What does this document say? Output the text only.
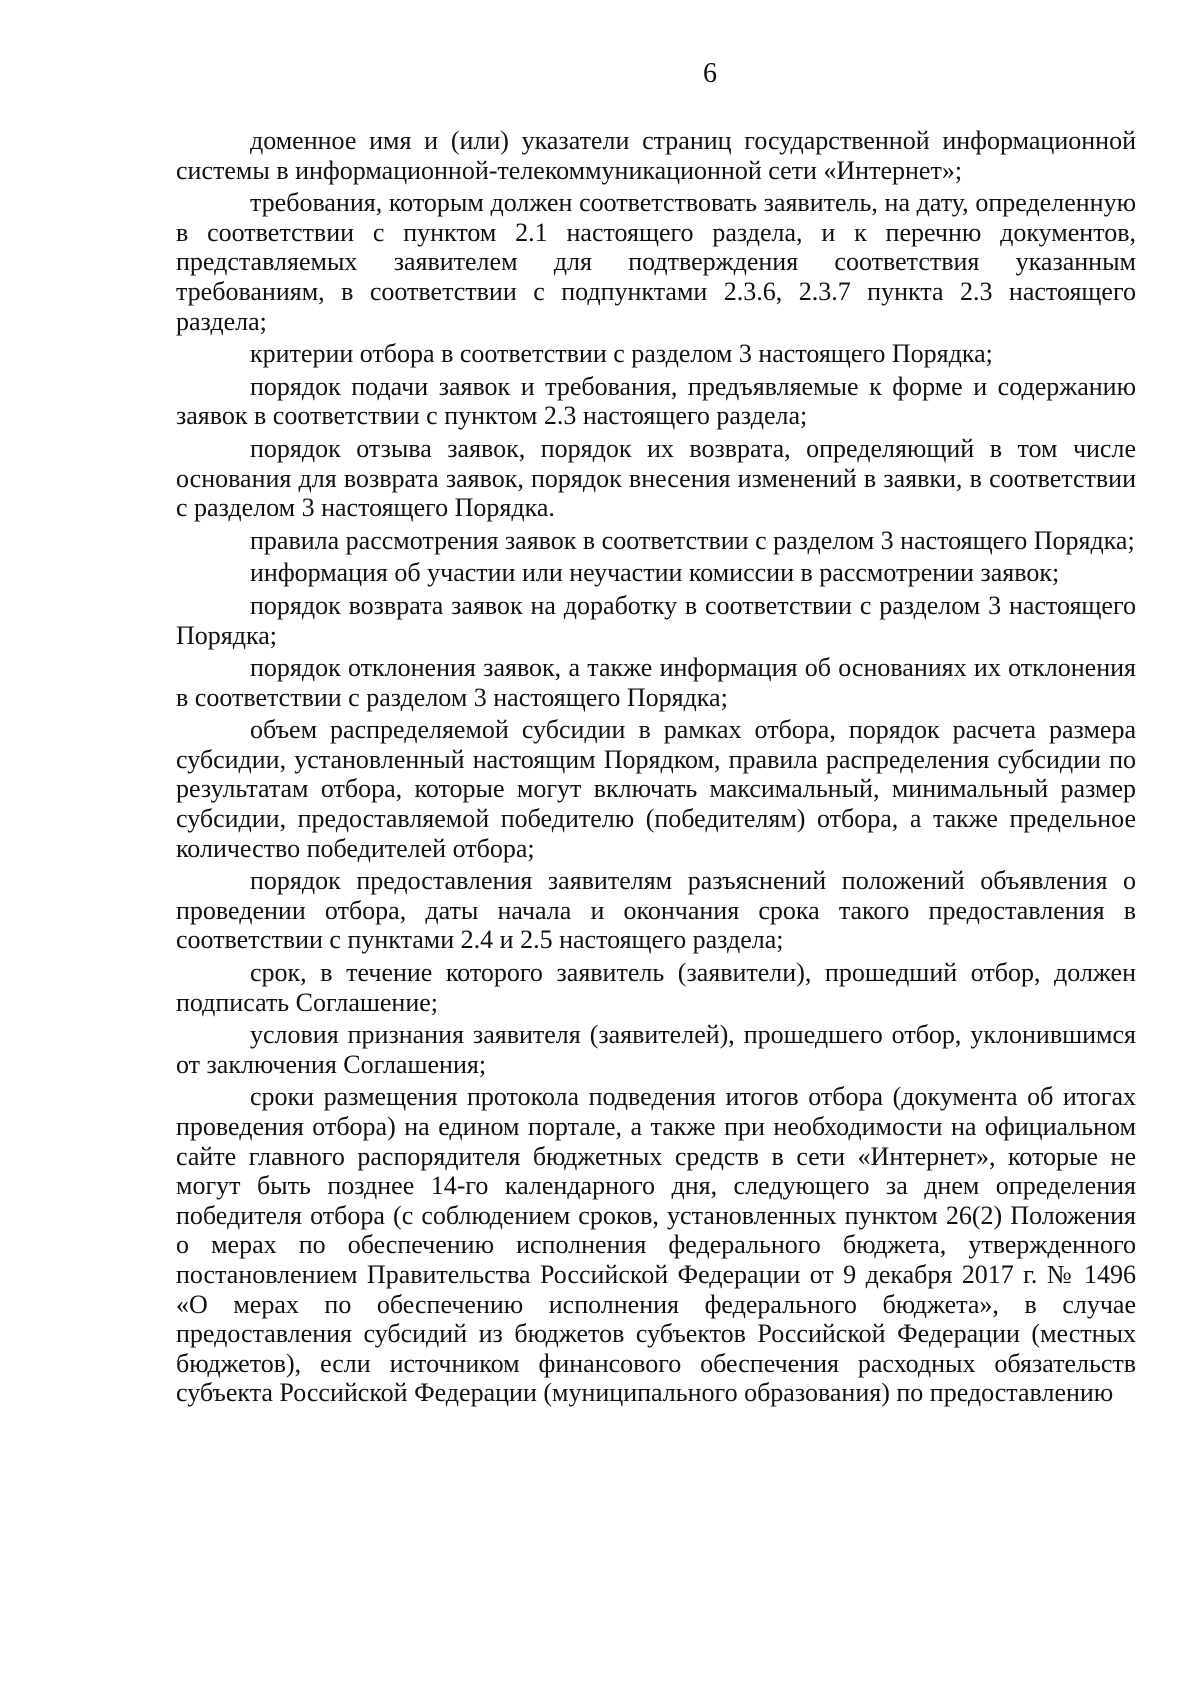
6

доменное имя и (или) указатели страниц государственной информационной системы в информационной-телекоммуникационной сети «Интернет»;

требования, которым должен соответствовать заявитель, на дату, определенную в соответствии с пунктом 2.1 настоящего раздела, и к перечню документов, представляемых заявителем для подтверждения соответствия указанным требованиям, в соответствии с подпунктами 2.3.6, 2.3.7 пункта 2.3 настоящего раздела;

критерии отбора в соответствии с разделом 3 настоящего Порядка;

порядок подачи заявок и требования, предъявляемые к форме и содержанию заявок в соответствии с пунктом 2.3 настоящего раздела;

порядок отзыва заявок, порядок их возврата, определяющий в том числе основания для возврата заявок, порядок внесения изменений в заявки, в соответствии с разделом 3 настоящего Порядка.

правила рассмотрения заявок в соответствии с разделом 3 настоящего Порядка;

информация об участии или неучастии комиссии в рассмотрении заявок;

порядок возврата заявок на доработку в соответствии с разделом 3 настоящего Порядка;

порядок отклонения заявок, а также информация об основаниях их отклонения в соответствии с разделом 3 настоящего Порядка;

объем распределяемой субсидии в рамках отбора, порядок расчета размера субсидии, установленный настоящим Порядком, правила распределения субсидии по результатам отбора, которые могут включать максимальный, минимальный размер субсидии, предоставляемой победителю (победителям) отбора, а также предельное количество победителей отбора;

порядок предоставления заявителям разъяснений положений объявления о проведении отбора, даты начала и окончания срока такого предоставления в соответствии с пунктами 2.4 и 2.5 настоящего раздела;

срок, в течение которого заявитель (заявители), прошедший отбор, должен подписать Соглашение;

условия признания заявителя (заявителей), прошедшего отбор, уклонившимся от заключения Соглашения;

сроки размещения протокола подведения итогов отбора (документа об итогах проведения отбора) на едином портале, а также при необходимости на официальном сайте главного распорядителя бюджетных средств в сети «Интернет», которые не могут быть позднее 14-го календарного дня, следующего за днем определения победителя отбора (с соблюдением сроков, установленных пунктом 26(2) Положения о мерах по обеспечению исполнения федерального бюджета, утвержденного постановлением Правительства Российской Федерации от 9 декабря 2017 г. № 1496 «О мерах по обеспечению исполнения федерального бюджета», в случае предоставления субсидий из бюджетов субъектов Российской Федерации (местных бюджетов), если источником финансового обеспечения расходных обязательств субъекта Российской Федерации (муниципального образования) по предоставлению
